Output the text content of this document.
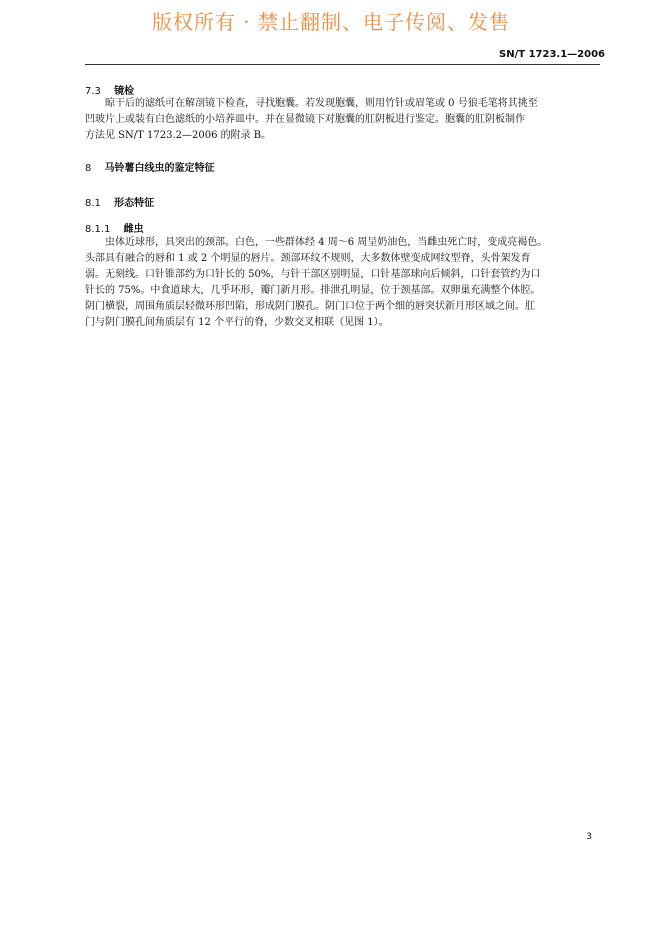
版权所有 · 禁止翻制、电子传阅、发售
SN/T 1723.1—2006
7.3 镜检
晾干后的滤纸可在解剖镜下检查，寻找胞囊。若发现胞囊，则用竹针或眉笔或 0 号狼毛笔将其挑至
凹玻片上或装有白色滤纸的小培养皿中。并在显微镜下对胞囊的肛阴板进行鉴定。胞囊的肛阴板制作
方法见 SN/T 1723.2—2006 的附录 B。
8 马铃薯白线虫的鉴定特征
8.1 形态特征
8.1.1 雌虫
虫体近球形，具突出的颈部。白色，一些群体经 4 周～6 周呈奶油色，当雌虫死亡时，变成亮褐色。
头部具有融合的唇和 1 或 2 个明显的唇片。颈部环纹不规则，大多数体壁变成网纹型脊，头骨架发育
弱。无刻线。口针锥部约为口针长的 50%，与针干部区别明显，口针基部球向后倾斜，口针套管约为口
针长的 75%。中食道球大，几乎环形，瓣门新月形。排泄孔明显，位于颈基部。双卵巢充满整个体腔。
阴门横裂，周围角质层轻微环形凹陷，形成阴门膜孔。阴门口位于两个细的唇突状新月形区域之间。肛
门与阴门膜孔间角质层有 12 个平行的脊，少数交叉相联（见图 1）。
3
